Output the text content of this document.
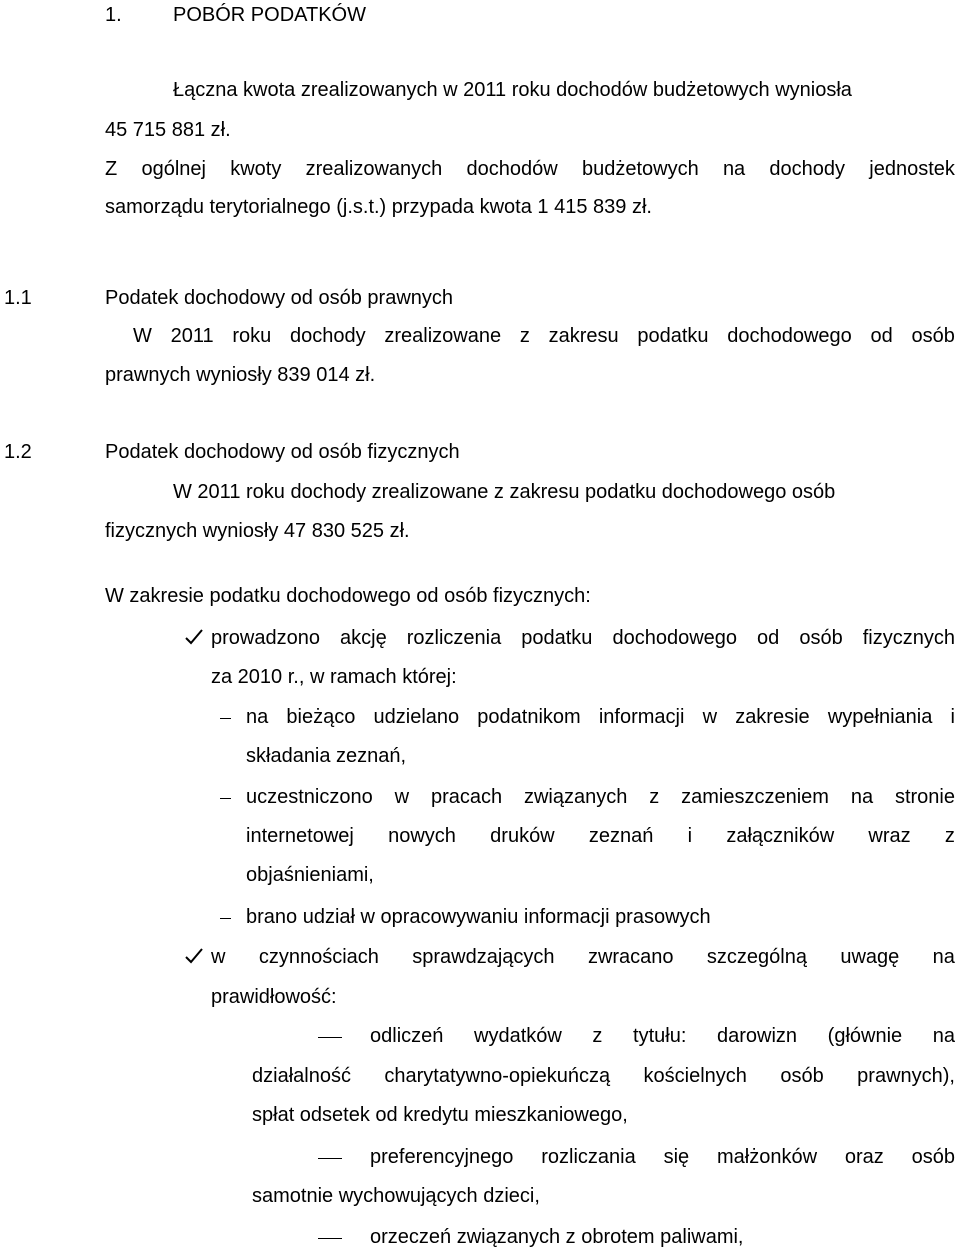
1.	POBÓR PODATKÓW
Łączna kwota zrealizowanych w 2011 roku dochodów budżetowych wyniosła
45 715 881 zł.
Z ogólnej kwoty zrealizowanych dochodów budżetowych na dochody jednostek
samorządu terytorialnego (j.s.t.) przypada kwota 1 415 839 zł.
1.1	Podatek dochodowy od osób prawnych
W 2011 roku dochody zrealizowane z zakresu podatku dochodowego od osób
prawnych wyniosły 839 014 zł.
1.2	Podatek dochodowy od osób fizycznych
W 2011 roku dochody zrealizowane z zakresu podatku dochodowego osób
fizycznych wyniosły 47 830 525 zł.
W zakresie podatku dochodowego od osób fizycznych:
prowadzono akcję rozliczenia podatku dochodowego od osób fizycznych
za 2010 r., w ramach której:
na bieżąco udzielano podatnikom informacji w zakresie wypełniania i
składania zeznań,
uczestniczono w pracach związanych z zamieszczeniem na stronie
internetowej nowych druków zeznań i załączników wraz z
objaśnieniami,
brano udział w opracowywaniu informacji prasowych
w czynnościach sprawdzających zwracano szczególną uwagę na
prawidłowość:
odliczeń wydatków z tytułu: darowizn (głównie na
działalność charytatywno-opiekuńczą kościelnych osób prawnych),
spłat odsetek od kredytu mieszkaniowego,
preferencyjnego rozliczania się małżonków oraz osób
samotnie wychowujących dzieci,
orzeczeń związanych z obrotem paliwami,
